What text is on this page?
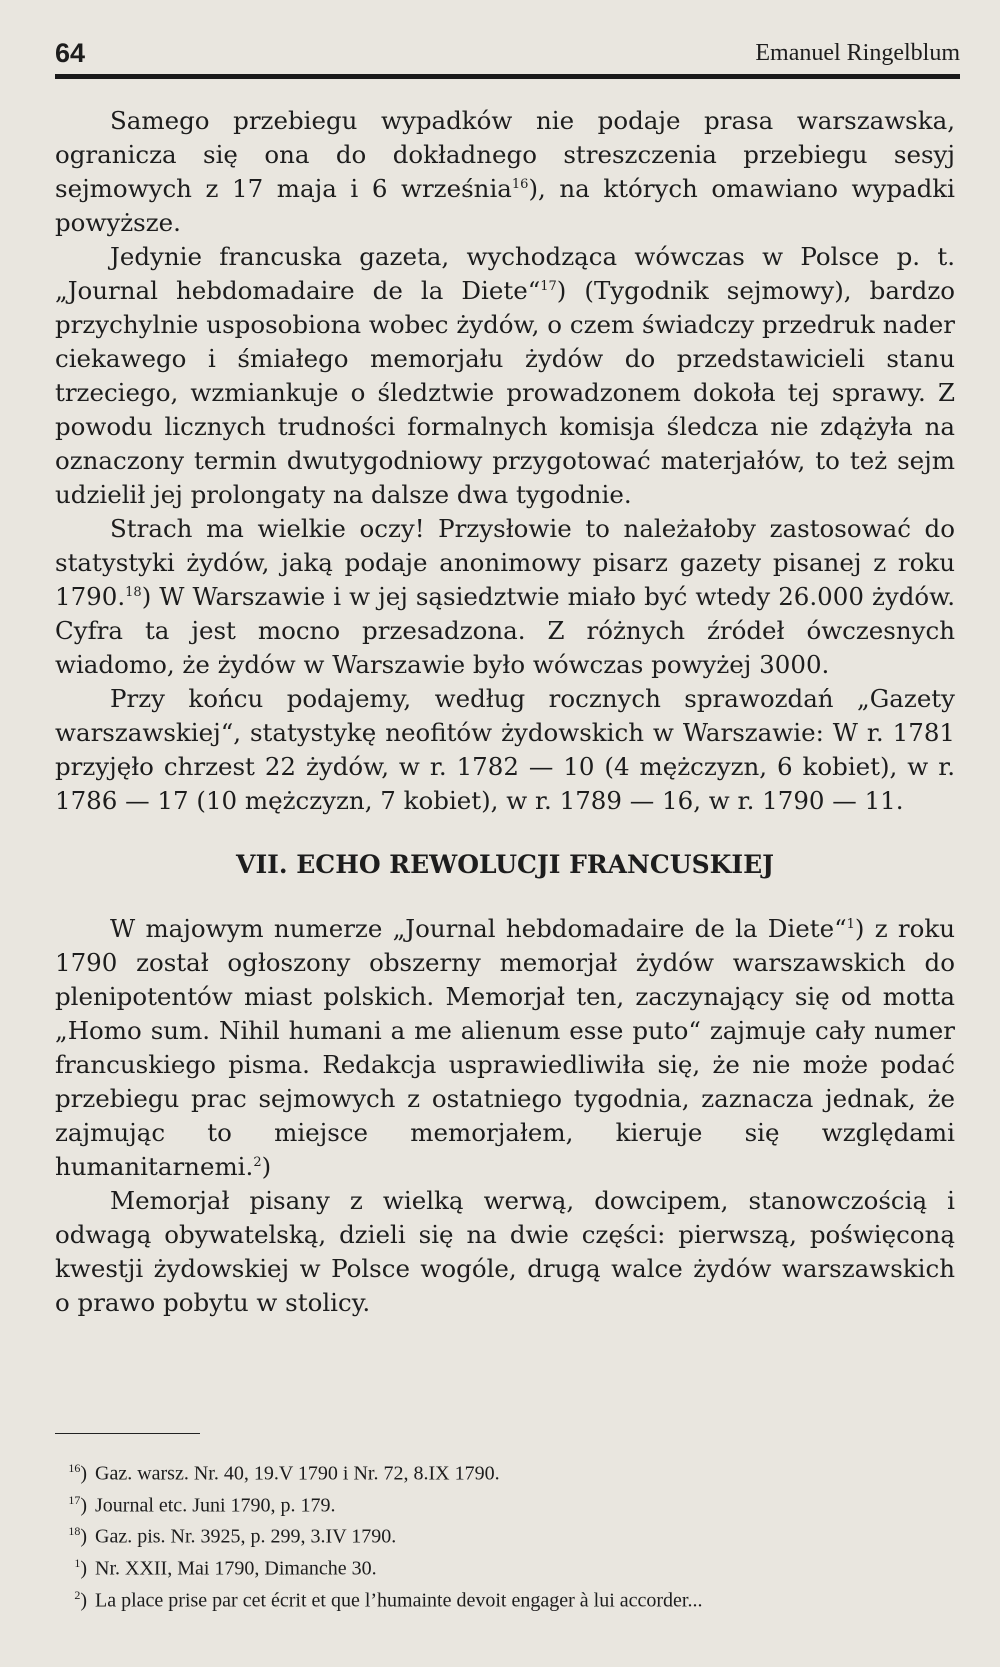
64	Emanuel Ringelblum

Samego przebiegu wypadków nie podaje prasa warszawska, ogranicza się ona do dokładnego streszczenia przebiegu sesyj sejmowych z 17 maja i 6 września$^{16}$), na których omawiano wypadki powyższe.

Jedynie francuska gazeta, wychodząca wówczas w Polsce p. t. „Journal hebdomadaire de la Diete“$^{17}$) (Tygodnik sejmowy), bardzo przychylnie usposobiona wobec żydów, o czem świadczy przedruk nader ciekawego i śmiałego memorjału żydów do przedstawicieli stanu trzeciego, wzmiankuje o śledztwie prowadzonem dokoła tej sprawy. Z powodu licznych trudności formalnych komisja śledcza nie zdążyła na oznaczony termin dwutygodniowy przygotować materjałów, to też sejm udzielił jej prolongaty na dalsze dwa tygodnie.

Strach ma wielkie oczy! Przysłowie to należałoby zastosować do statystyki żydów, jaką podaje anonimowy pisarz gazety pisanej z roku 1790.18) W Warszawie i w jej sąsiedztwie miało być wtedy 26.000 żydów. Cyfra ta jest mocno przesadzona. Z różnych źródeł ówczesnych wiadomo, że żydów w Warszawie było wówczas powyżej 3000.

Przy końcu podajemy, według rocznych sprawozdań „Gazety warszawskiej“, statystykę neofitów żydowskich w Warszawie: W r. 1781 przyjęło chrzest 22 żydów, w r. 1782 — 10 (4 mężczyzn, 6 kobiet), w r. 1786 — 17 (10 mężczyzn, 7 kobiet), w r. 1789 — 16, w r. 1790 — 11.

VII. ECHO REWOLUCJI FRANCUSKIEJ

W majowym numerze „Journal hebdomadaire de la Diete“$^1$) z roku 1790 został ogłoszony obszerny memorjał żydów warszawskich do plenipotentów miast polskich. Memorjał ten, zaczynający się od motta „Homo sum. Nihil humani a me alienum esse puto“ zajmuje cały numer francuskiego pisma. Redakcja usprawiedliwiła się, że nie może podać przebiegu prac sejmowych z ostatniego tygodnia, zaznacza jednak, że zajmując to miejsce memorjałem, kieruje się względami humanitarnemi.$^2$)

Memorjał pisany z wielką werwą, dowcipem, stanowczością i odwagą obywatelską, dzieli się na dwie części: pierwszą, poświęconą kwestji żydowskiej w Polsce wogóle, drugą walce żydów warszawskich o prawo pobytu w stolicy.

$^{16}$) Gaz. warsz. Nr. 40, 19.V 1790 i Nr. 72, 8.IX 1790.

$^{17}$) Journal etc. Juni 1790, p. 179.

$^{18}$) Gaz. pis. Nr. 3925, p. 299, 3.IV 1790.

$^1$) Nr. XXII, Mai 1790, Dimanche 30.

$^2$) La place prise par cet écrit et que l’humainte devoit engager à lui accorder...
